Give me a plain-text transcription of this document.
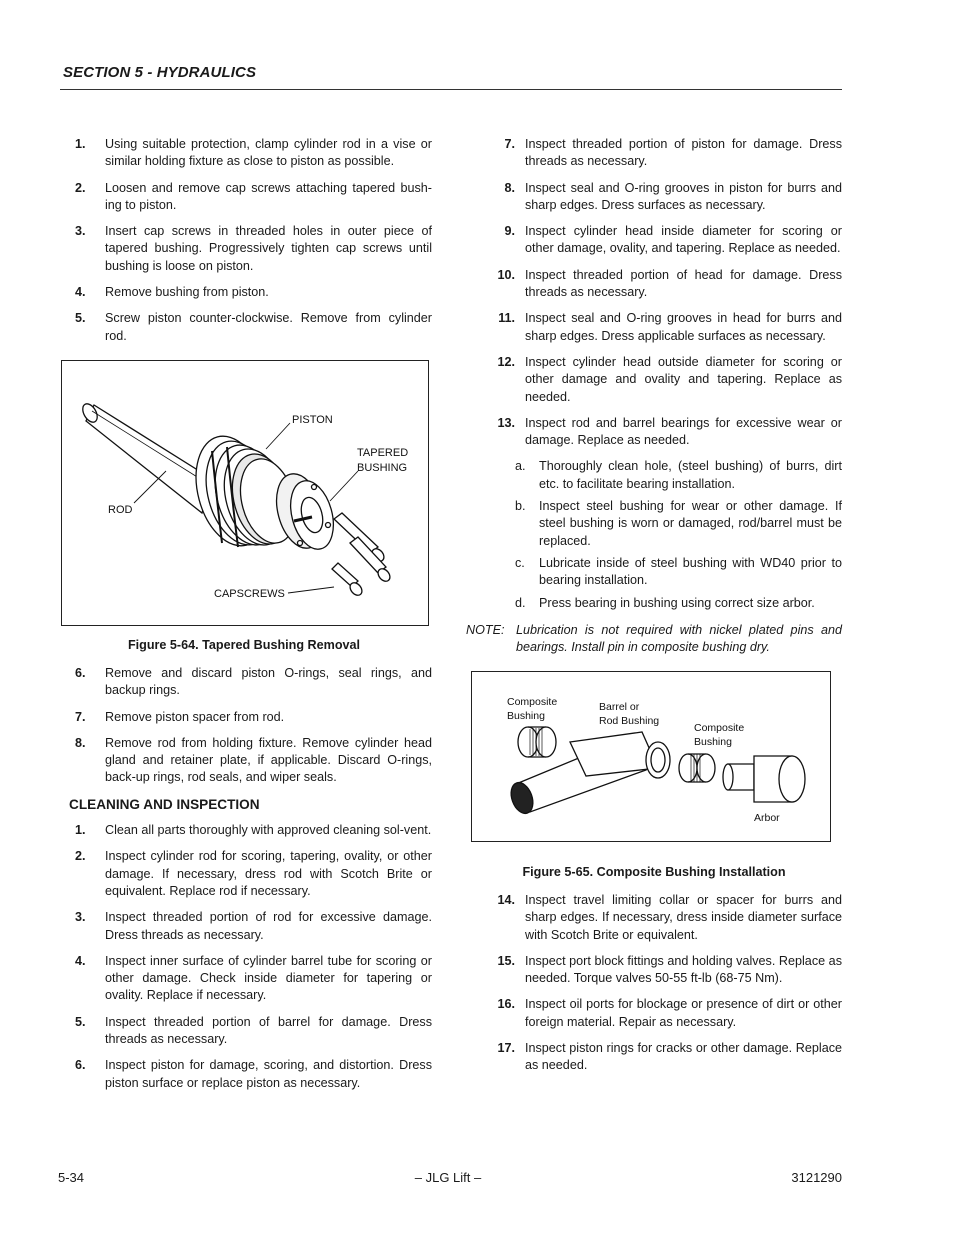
SECTION 5 - HYDRAULICS
1.	Using suitable protection, clamp cylinder rod in a vise or similar holding fixture as close to piston as possible.
2.	Loosen and remove cap screws attaching tapered bush-ing to piston.
3.	Insert cap screws in threaded holes in outer piece of tapered bushing. Progressively tighten cap screws until bushing is loose on piston.
4.	Remove bushing from piston.
5.	Screw piston counter-clockwise. Remove from cylinder rod.
PISTON
TAPERED
BUSHING
ROD
CAPSCREWS
Figure 5-64. Tapered Bushing Removal
6.	Remove and discard piston O-rings, seal rings, and backup rings.
7.	Remove piston spacer from rod.
8.	Remove rod from holding fixture. Remove cylinder head gland and retainer plate, if applicable. Discard O-rings, back-up rings, rod seals, and wiper seals.
CLEANING AND INSPECTION
1.	Clean all parts thoroughly with approved cleaning sol-vent.
2.	Inspect cylinder rod for scoring, tapering, ovality, or other damage. If necessary, dress rod with Scotch Brite or equivalent. Replace rod if necessary.
3.	Inspect threaded portion of rod for excessive damage. Dress threads as necessary.
4.	Inspect inner surface of cylinder barrel tube for scoring or other damage. Check inside diameter for tapering or ovality. Replace if necessary.
5.	Inspect threaded portion of barrel for damage. Dress threads as necessary.
6.	Inspect piston for damage, scoring, and distortion. Dress piston surface or replace piston as necessary.
7. Inspect threaded portion of piston for damage. Dress threads as necessary.
8. Inspect seal and O-ring grooves in piston for burrs and sharp edges. Dress surfaces as necessary.
9. Inspect cylinder head inside diameter for scoring or other damage, ovality, and tapering. Replace as needed.
10. Inspect threaded portion of head for damage. Dress threads as necessary.
11. Inspect seal and O-ring grooves in head for burrs and sharp edges. Dress applicable surfaces as necessary.
12. Inspect cylinder head outside diameter for scoring or other damage and ovality and tapering. Replace as needed.
13. Inspect rod and barrel bearings for excessive wear or damage. Replace as needed.
a.	Thoroughly clean hole, (steel bushing) of burrs, dirt etc. to facilitate bearing installation.
b.	Inspect steel bushing for wear or other damage. If steel bushing is worn or damaged, rod/barrel must be replaced.
c.	Lubricate inside of steel bushing with WD40 prior to bearing installation.
d.	Press bearing in bushing using correct size arbor.
NOTE: Lubrication is not required with nickel plated pins and bearings. Install pin in composite bushing dry.
Composite
Bushing
Barrel or
Rod Bushing
Composite
Bushing
Arbor
Figure 5-65. Composite Bushing Installation
14. Inspect travel limiting collar or spacer for burrs and sharp edges. If necessary, dress inside diameter surface with Scotch Brite or equivalent.
15. Inspect port block fittings and holding valves. Replace as needed. Torque valves 50-55 ft-lb (68-75 Nm).
16. Inspect oil ports for blockage or presence of dirt or other foreign material. Repair as necessary.
17. Inspect piston rings for cracks or other damage. Replace as needed.
5-34	– JLG Lift –	3121290
